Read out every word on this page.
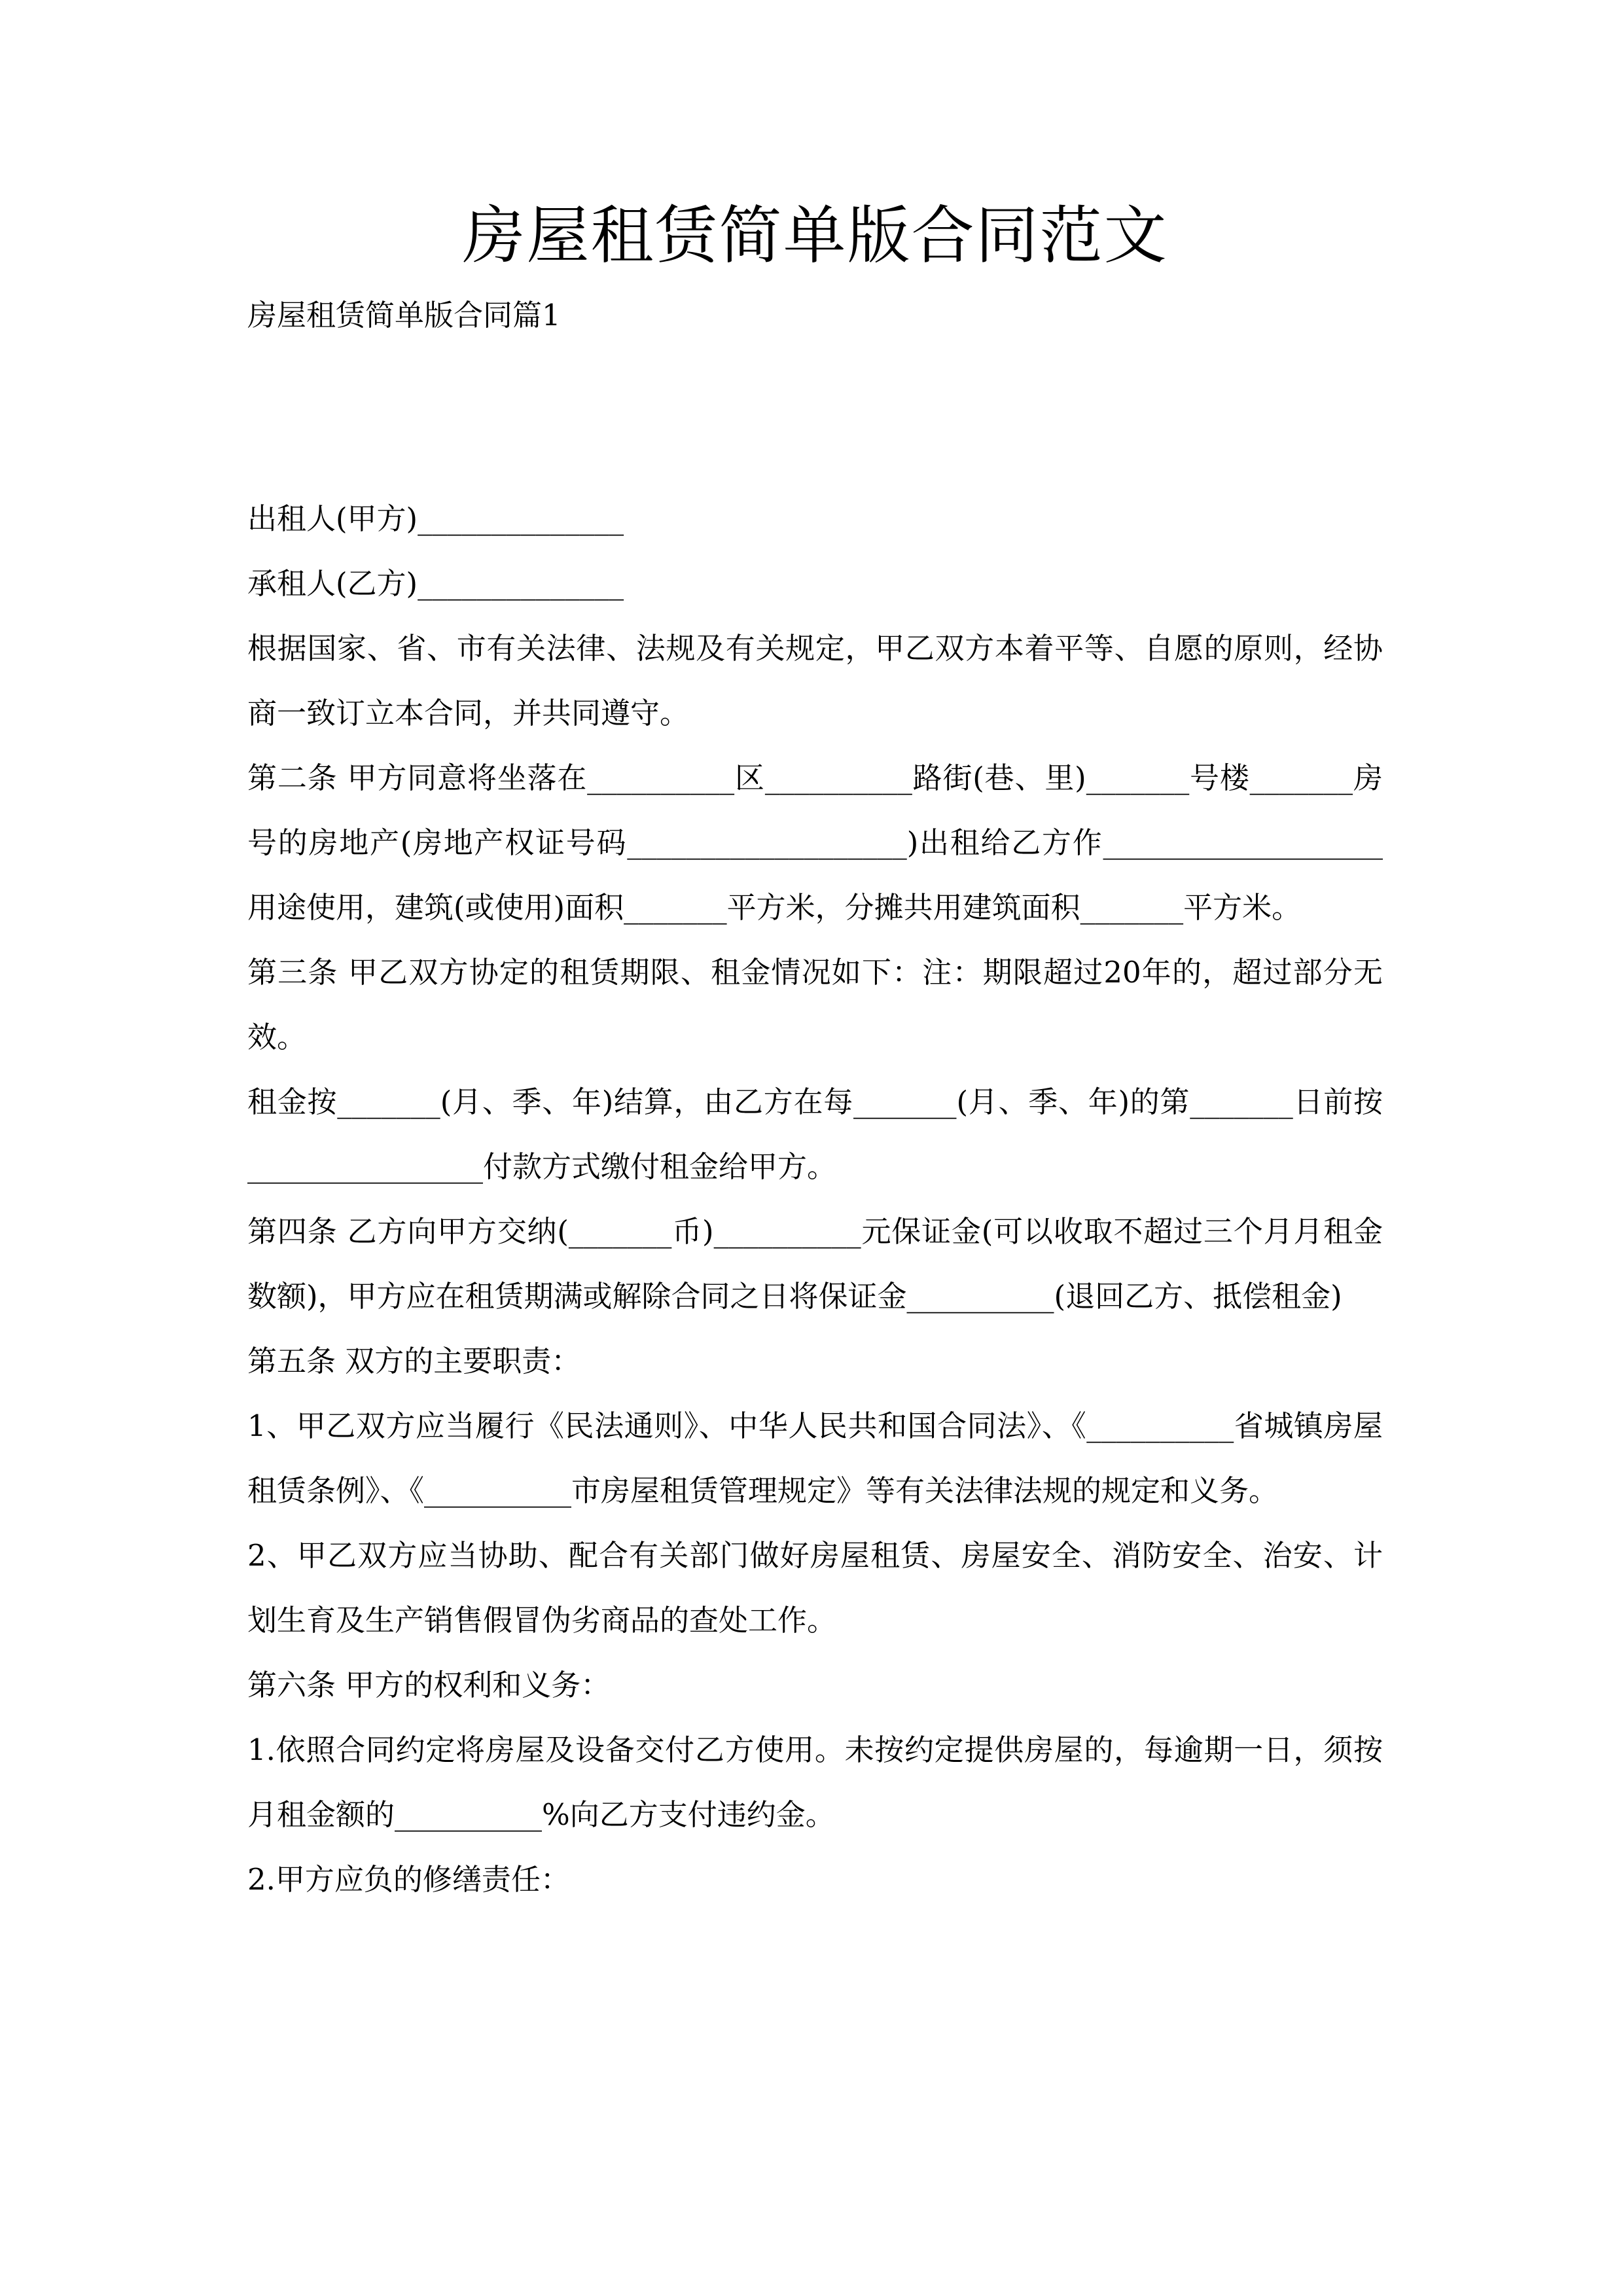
房屋租赁简单版合同范文

房屋租赁简单版合同篇1

出租人(甲方)______________

承租人(乙方)______________

根据国家、省、市有关法律、法规及有关规定，甲乙双方本着平等、自愿的原则，经协商一致订立本合同，并共同遵守。

第二条 甲方同意将坐落在__________区__________路街(巷、里)_______号楼_______房号的房地产(房地产权证号码___________________)出租给乙方作___________________用途使用，建筑(或使用)面积_______平方米，分摊共用建筑面积_______平方米。

第三条 甲乙双方协定的租赁期限、租金情况如下：注：期限超过20年的，超过部分无效。

租金按_______(月、季、年)结算，由乙方在每_______(月、季、年)的第_______日前按________________付款方式缴付租金给甲方。

第四条 乙方向甲方交纳(_______币)__________元保证金(可以收取不超过三个月月租金数额)，甲方应在租赁期满或解除合同之日将保证金__________(退回乙方、抵偿租金)

第五条 双方的主要职责：

1、甲乙双方应当履行《民法通则》、中华人民共和国合同法》、《__________省城镇房屋租赁条例》、《__________市房屋租赁管理规定》等有关法律法规的规定和义务。

2、甲乙双方应当协助、配合有关部门做好房屋租赁、房屋安全、消防安全、治安、计划生育及生产销售假冒伪劣商品的查处工作。

第六条 甲方的权利和义务：

1.依照合同约定将房屋及设备交付乙方使用。未按约定提供房屋的，每逾期一日，须按月租金额的__________%向乙方支付违约金。

2.甲方应负的修缮责任：
